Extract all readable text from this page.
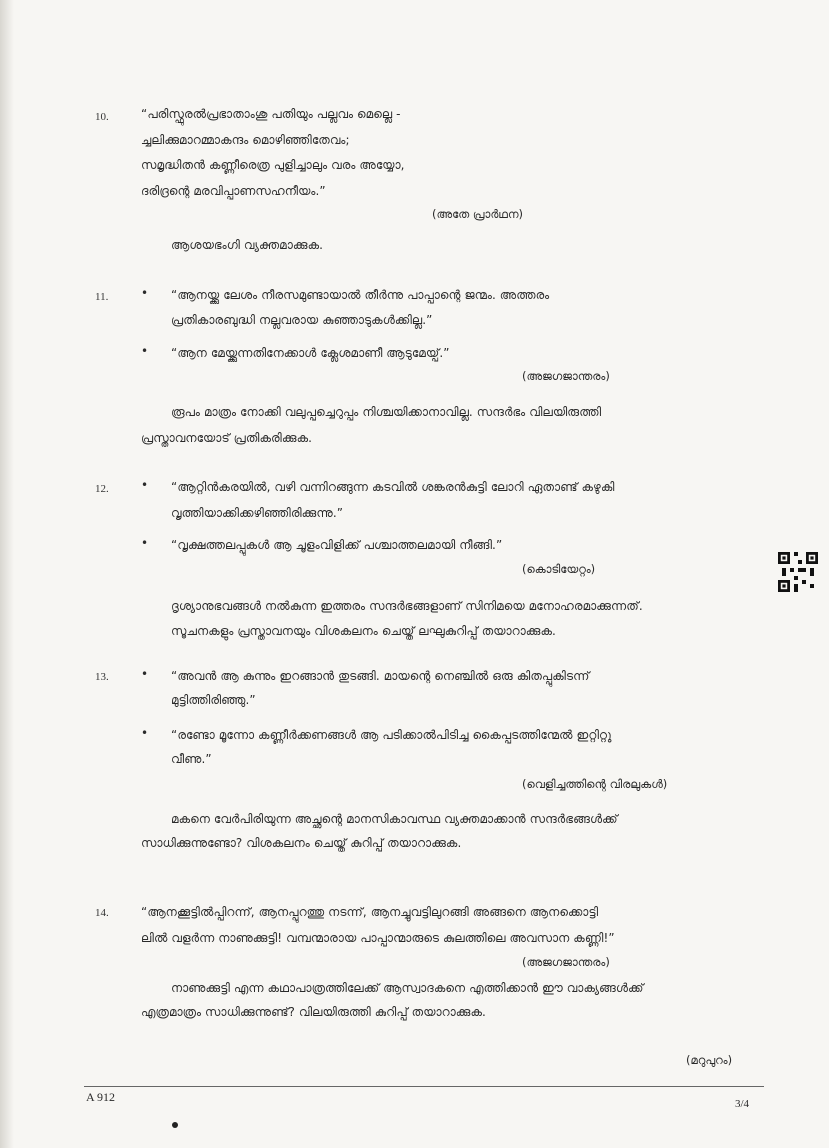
10.	“പരിസ്ഫുരൽപ്രഭാതാംശു പതിയും പല്ലവം മെല്ലെ -
ച്ചലിക്കുമാറമ്മാകന്ദം മൊഴിഞ്ഞിതേവം;
സമൃദ്ധിതൻ കണ്ണീരെത്ര പുളിച്ചാലും വരം അയ്യോ,
ദരിദ്രന്റെ മരവിപ്പാണസഹനീയം.”
(അതേ പ്രാർഥന)
ആശയഭംഗി വ്യക്തമാക്കുക.
11.	• “ആനയ്ക്കു ലേശം നീരസമുണ്ടായാൽ തീർന്നു പാപ്പാന്റെ ജന്മം. അത്തരം
പ്രതികാരബുദ്ധി നല്ലവരായ കുഞ്ഞാടുകൾക്കില്ല.”
• “ആന മേയ്ക്കുന്നതിനേക്കാൾ ക്ലേശമാണീ ആടുമേയ്പ്.”
(അജഗജാന്തരം)
രൂപം മാത്രം നോക്കി വലുപ്പച്ചെറുപ്പം നിശ്ചയിക്കാനാവില്ല. സന്ദർഭം വിലയിരുത്തി
പ്രസ്താവനയോട് പ്രതികരിക്കുക.
12.	• “ആറ്റിൻകരയിൽ, വഴി വന്നിറങ്ങുന്ന കടവിൽ ശങ്കരൻകുട്ടി ലോറി ഏതാണ്ട് കഴുകി
വൃത്തിയാക്കിക്കഴിഞ്ഞിരിക്കുന്നു.”
• “വൃക്ഷത്തലപ്പുകൾ ആ ചൂളംവിളിക്ക് പശ്ചാത്തലമായി നീങ്ങി.”
(കൊടിയേറ്റം)
ദൃശ്യാനുഭവങ്ങൾ നൽകുന്ന ഇത്തരം സന്ദർഭങ്ങളാണ് സിനിമയെ മനോഹരമാക്കുന്നത്.
സൂചനകളും പ്രസ്താവനയും വിശകലനം ചെയ്ത് ലഘുകുറിപ്പ് തയാറാക്കുക.
13.	• “അവൻ ആ കുന്നും ഇറങ്ങാൻ തുടങ്ങി. മായന്റെ നെഞ്ചിൽ ഒരു കിതപ്പുകിടന്ന്
മുട്ടിത്തിരിഞ്ഞു.”
• “രണ്ടോ മൂന്നോ കണ്ണീർക്കണങ്ങൾ ആ പടിക്കാൽപിടിച്ച കൈപ്പടത്തിന്മേൽ ഇറ്റിറ്റു
വീണു.”
(വെളിച്ചത്തിന്റെ വിരലുകൾ)
മകനെ വേർപിരിയുന്ന അച്ഛന്റെ മാനസികാവസ്ഥ വ്യക്തമാക്കാൻ സന്ദർഭങ്ങൾക്ക്
സാധിക്കുന്നുണ്ടോ? വിശകലനം ചെയ്ത് കുറിപ്പ് തയാറാക്കുക.
14.	“ആനക്കൂട്ടിൽപ്പിറന്ന്, ആനപ്പുറത്തു നടന്ന്, ആനച്ചുവട്ടിലുറങ്ങി അങ്ങനെ ആനക്കൊട്ടി
ലിൽ വളർന്ന നാണുക്കുട്ടി! വമ്പന്മാരായ പാപ്പാന്മാരുടെ കുലത്തിലെ അവസാന കണ്ണി!”
(അജഗജാന്തരം)
നാണുക്കുട്ടി എന്ന കഥാപാത്രത്തിലേക്ക് ആസ്വാദകനെ എത്തിക്കാൻ ഈ വാക്യങ്ങൾക്ക്
എത്രമാത്രം സാധിക്കുന്നുണ്ട്? വിലയിരുത്തി കുറിപ്പ് തയാറാക്കുക.
(മറുപുറം)
A 912	3/4
